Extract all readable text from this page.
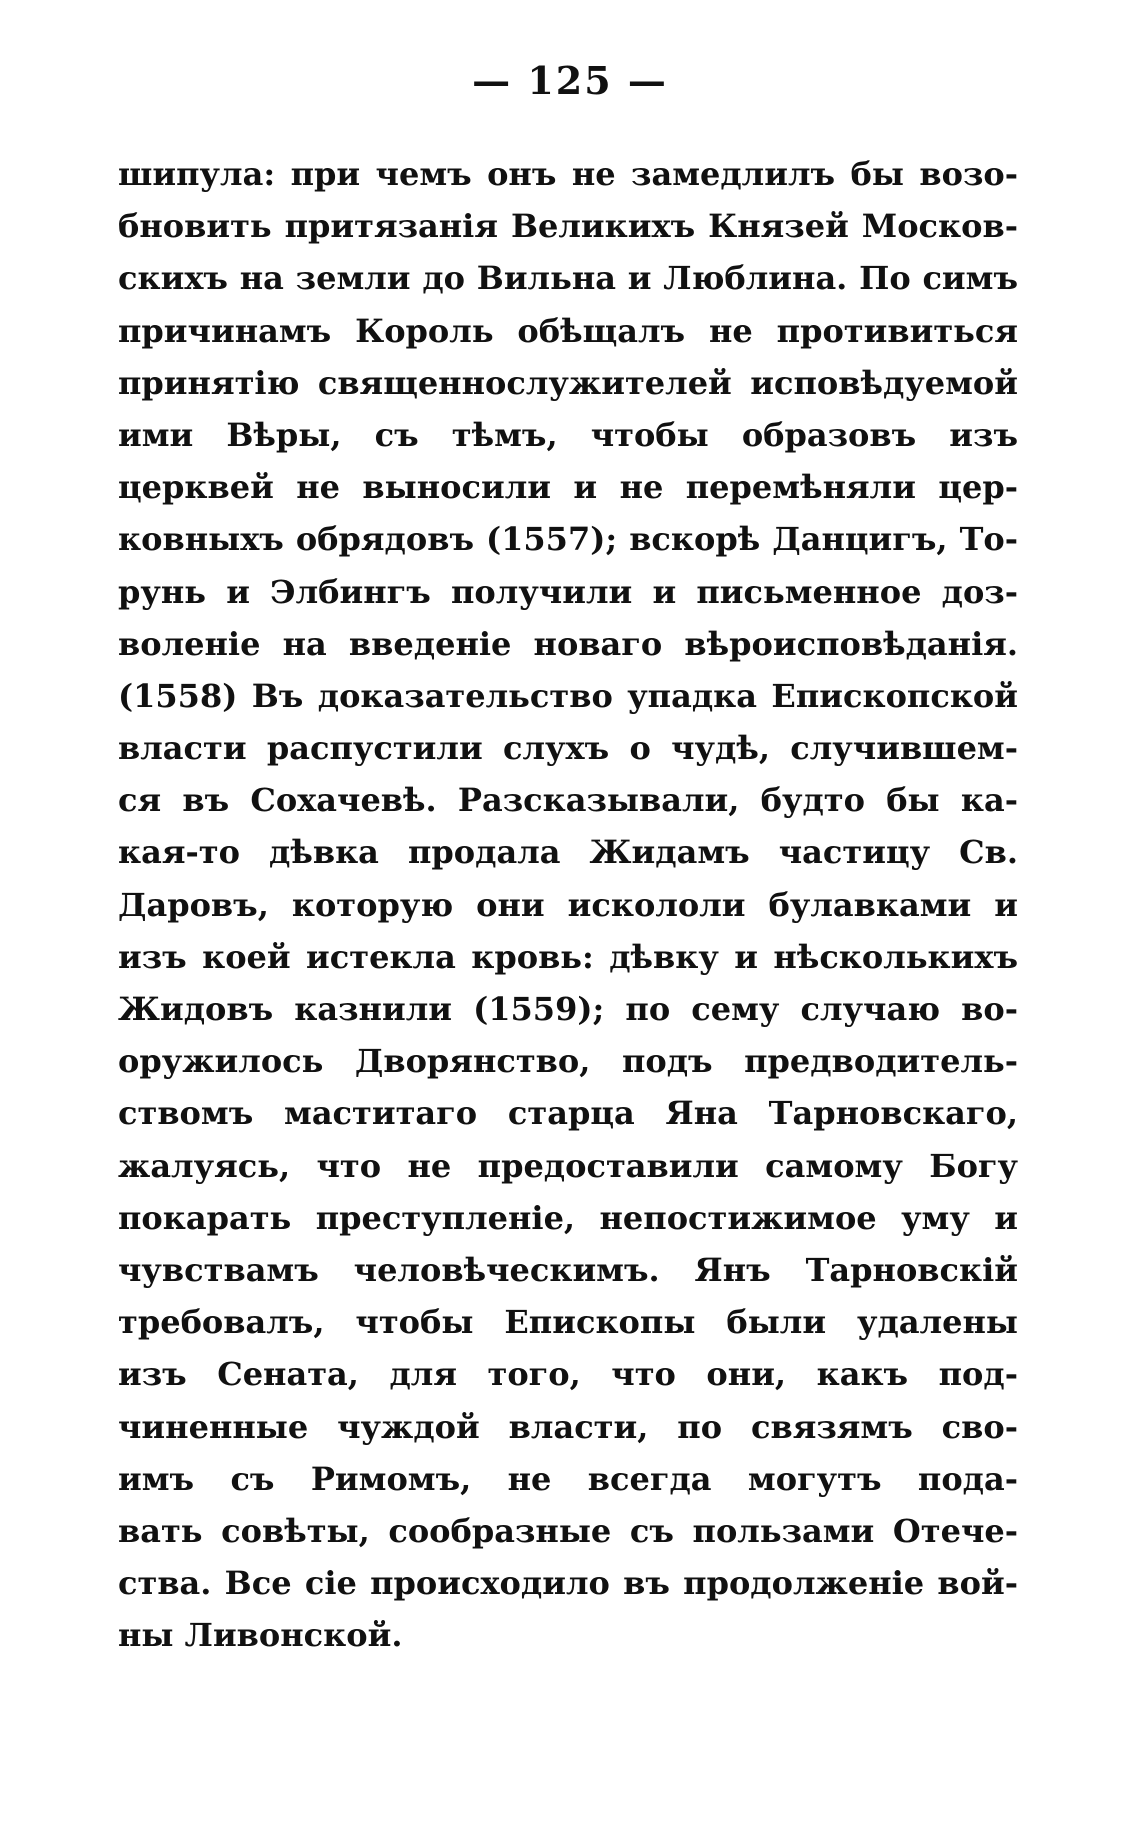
— 125 —
шипула: при чемъ онъ не замедлилъ бы возо-
бновить притязанія Великихъ Князей Москов-
скихъ на земли до Вильна и Люблина. По симъ
причинамъ Король обѣщалъ не противиться
принятію священнослужителей исповѣдуемой
ими Вѣры, съ тѣмъ, чтобы образовъ изъ
церквей не выносили и не перемѣняли цер-
ковныхъ обрядовъ (1557); вскорѣ Данцигъ, То-
рунь и Элбингъ получили и письменное доз-
воленіе на введеніе новаго вѣроисповѣданія.
(1558) Въ доказательство упадка Епископской
власти распустили слухъ о чудѣ, случившем-
ся въ Сохачевѣ. Разсказывали, будто бы ка-
кая-то дѣвка продала Жидамъ частицу Св.
Даровъ, которую они искололи булавками и
изъ коей истекла кровь: дѣвку и нѣсколькихъ
Жидовъ казнили (1559); по сему случаю во-
оружилось Дворянство, подъ предводитель-
ствомъ маститаго старца Яна Тарновскаго,
жалуясь, что не предоставили самому Богу
покарать преступленіе, непостижимое уму и
чувствамъ человѣческимъ. Янъ Тарновскій
требовалъ, чтобы Епископы были удалены
изъ Сената, для того, что они, какъ под-
чиненные чуждой власти, по связямъ сво-
имъ съ Римомъ, не всегда могутъ пода-
вать совѣты, сообразные съ пользами Отече-
ства. Все сіе происходило въ продолженіе вой-
ны Ливонской.
